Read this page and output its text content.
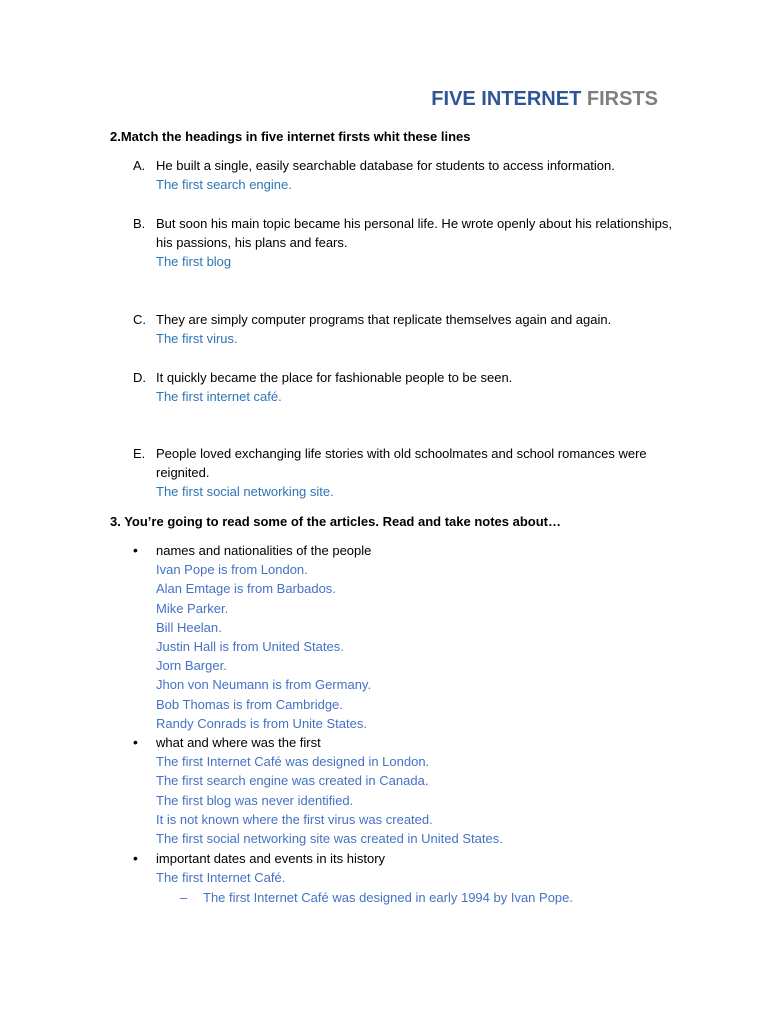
FIVE INTERNET FIRSTS
2.Match the headings in five internet firsts whit these lines
A. He built a single, easily searchable database for students to access information.
The first search engine.
B. But soon his main topic became his personal life. He wrote openly about his relationships, his passions, his plans and fears.
The first blog
C. They are simply computer programs that replicate themselves again and again.
The first virus.
D. It quickly became the place for fashionable people to be seen.
The first internet café.
E. People loved exchanging life stories with old schoolmates and school romances were reignited.
The first social networking site.
3. You’re going to read some of the articles. Read and take notes about…
• names and nationalities of the people
Ivan Pope is from London.
Alan Emtage is from Barbados.
Mike Parker.
Bill Heelan.
Justin Hall is from United States.
Jorn Barger.
Jhon von Neumann is from Germany.
Bob Thomas is from Cambridge.
Randy Conrads is from Unite States.
• what and where was the first
The first Internet Café was designed in London.
The first search engine was created in Canada.
The first blog was never identified.
It is not known where the first virus was created.
The first social networking site was created in United States.
• important dates and events in its history
The first Internet Café.
– The first Internet Café was designed in early 1994 by Ivan Pope.
